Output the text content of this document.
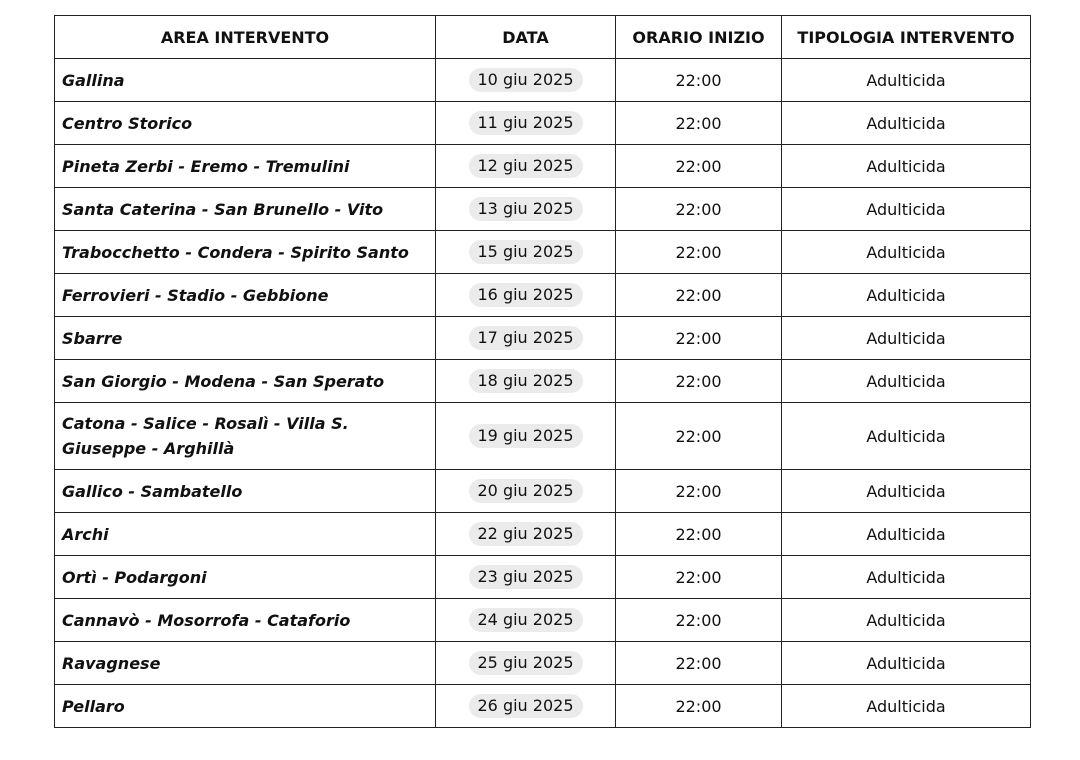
AREA INTERVENTO	DATA	ORARIO INIZIO	TIPOLOGIA INTERVENTO
Gallina	10 giu 2025	22:00	Adulticida
Centro Storico	11 giu 2025	22:00	Adulticida
Pineta Zerbi - Eremo - Tremulini	12 giu 2025	22:00	Adulticida
Santa Caterina - San Brunello - Vito	13 giu 2025	22:00	Adulticida
Trabocchetto - Condera - Spirito Santo	15 giu 2025	22:00	Adulticida
Ferrovieri - Stadio - Gebbione	16 giu 2025	22:00	Adulticida
Sbarre	17 giu 2025	22:00	Adulticida
San Giorgio - Modena - San Sperato	18 giu 2025	22:00	Adulticida
Catona - Salice - Rosalì - Villa S. Giuseppe - Arghillà	19 giu 2025	22:00	Adulticida
Gallico - Sambatello	20 giu 2025	22:00	Adulticida
Archi	22 giu 2025	22:00	Adulticida
Ortì - Podargoni	23 giu 2025	22:00	Adulticida
Cannavò - Mosorrofa - Cataforio	24 giu 2025	22:00	Adulticida
Ravagnese	25 giu 2025	22:00	Adulticida
Pellaro	26 giu 2025	22:00	Adulticida
